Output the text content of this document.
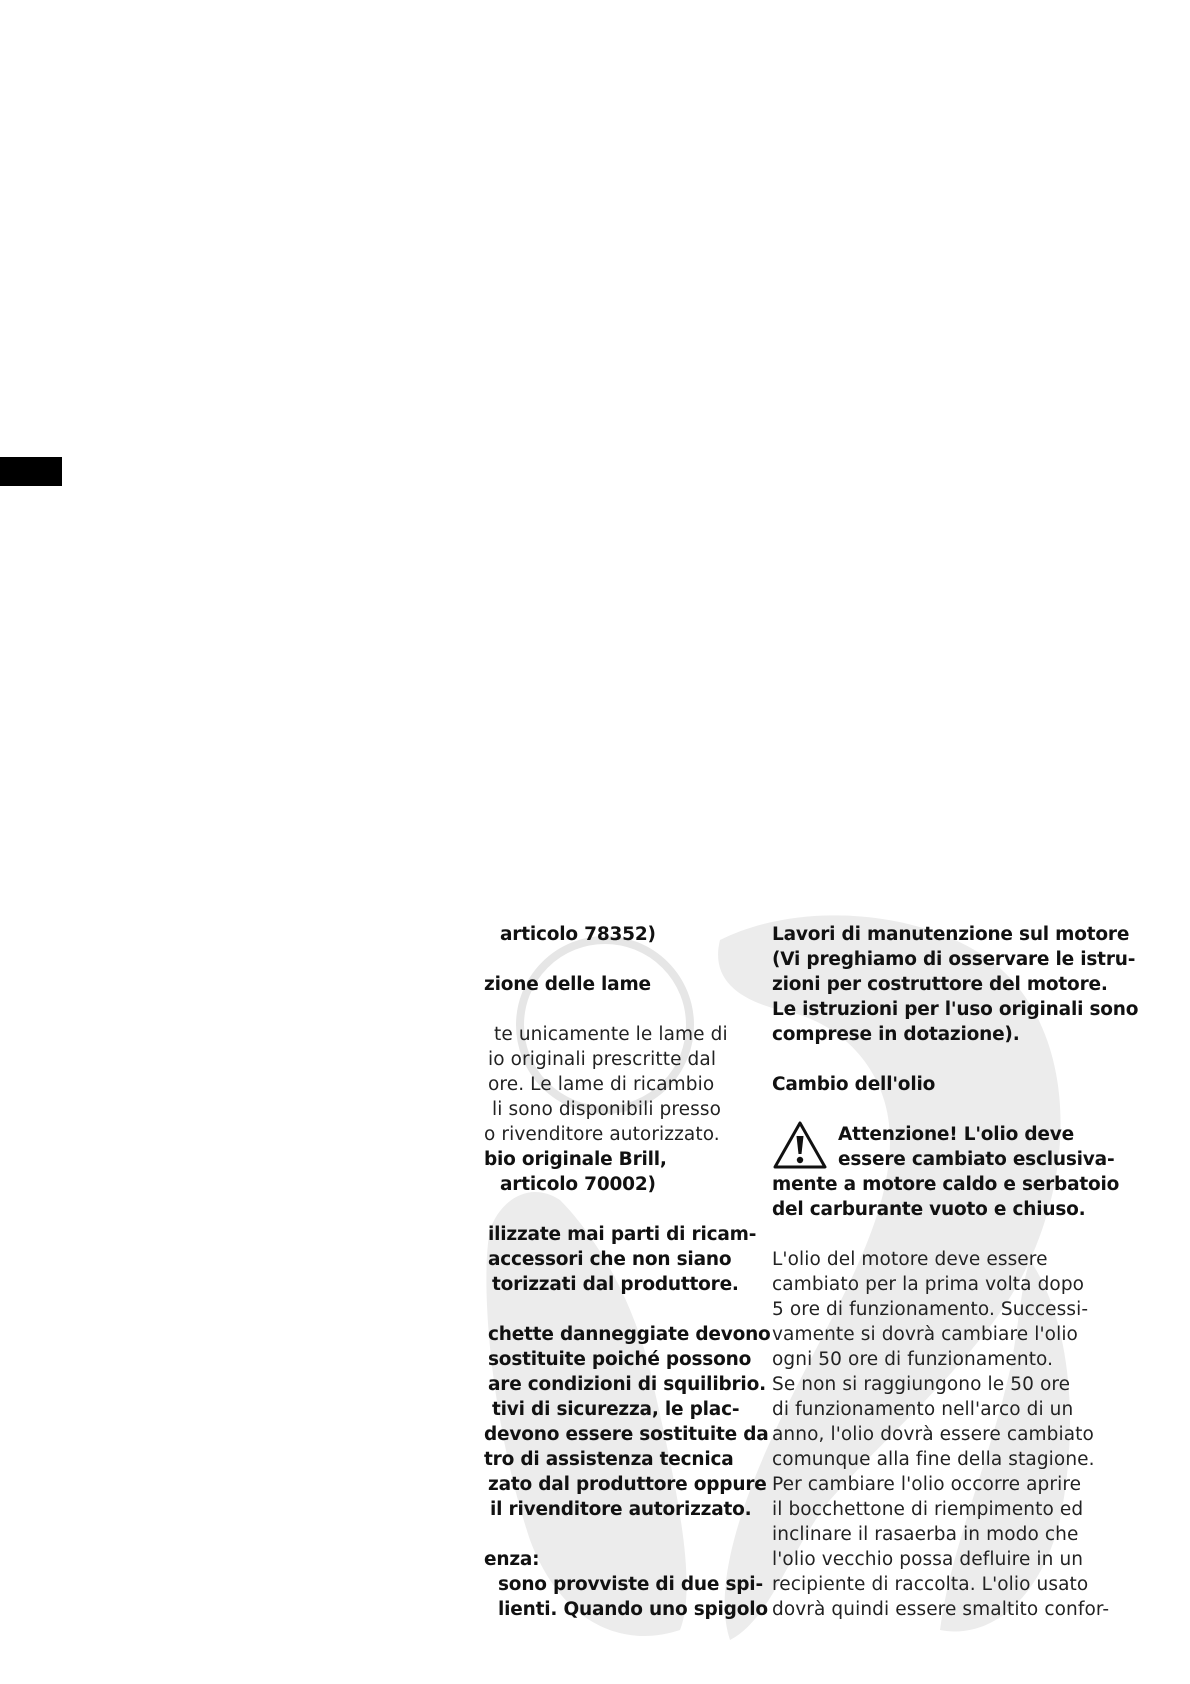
articolo 78352)
zione delle lame
te unicamente le lame di
io originali prescritte dal
ore. Le lame di ricambio
li sono disponibili presso
o rivenditore autorizzato.
bio originale Brill,
articolo 70002)
ilizzate mai parti di ricam-
accessori che non siano
torizzati dal produttore.
chette danneggiate devono
sostituite poiché possono
are condizioni di squilibrio.
tivi di sicurezza, le plac-
devono essere sostituite da
tro di assistenza tecnica
zato dal produttore oppure
il rivenditore autorizzato.
enza:
sono provviste di due spi-
lienti. Quando uno spigolo
Lavori di manutenzione sul motore
(Vi preghiamo di osservare le istru-
zioni per costruttore del motore.
Le istruzioni per l'uso originali sono
comprese in dotazione).
Cambio dell'olio
Attenzione! L'olio deve
essere cambiato esclusiva-
mente a motore caldo e serbatoio
del carburante vuoto e chiuso.
L'olio del motore deve essere
cambiato per la prima volta dopo
5 ore di funzionamento. Successi-
vamente si dovrà cambiare l'olio
ogni 50 ore di funzionamento.
Se non si raggiungono le 50 ore
di funzionamento nell'arco di un
anno, l'olio dovrà essere cambiato
comunque alla fine della stagione.
Per cambiare l'olio occorre aprire
il bocchettone di riempimento ed
inclinare il rasaerba in modo che
l'olio vecchio possa defluire in un
recipiente di raccolta. L'olio usato
dovrà quindi essere smaltito confor-
